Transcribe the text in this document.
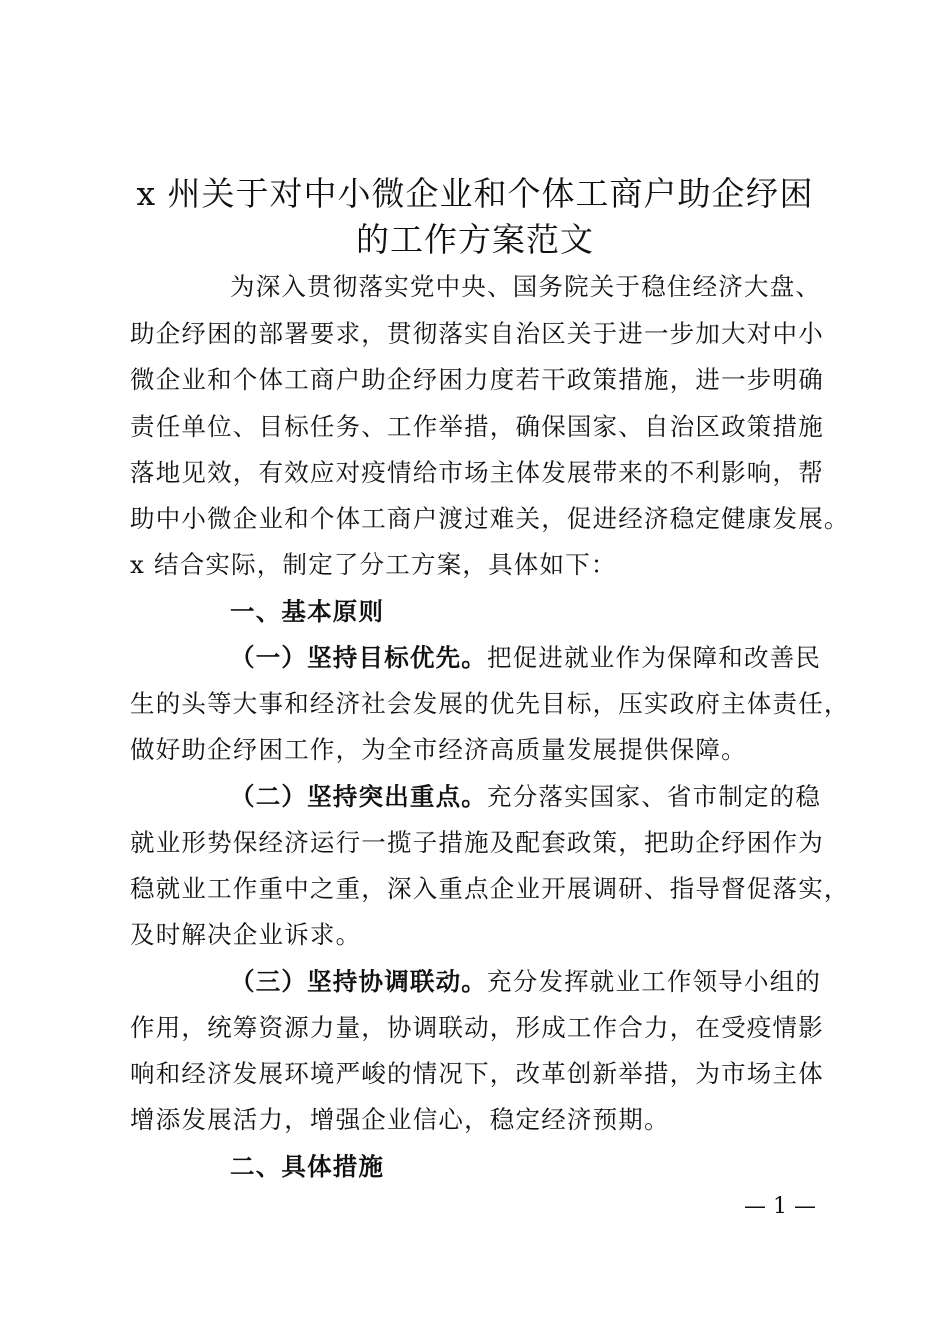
x 州关于对中小微企业和个体工商户助企纾困
的工作方案范文
为深入贯彻落实党中央、国务院关于稳住经济大盘、
助企纾困的部署要求，贯彻落实自治区关于进一步加大对中小
微企业和个体工商户助企纾困力度若干政策措施，进一步明确
责任单位、目标任务、工作举措，确保国家、自治区政策措施
落地见效，有效应对疫情给市场主体发展带来的不利影响，帮
助中小微企业和个体工商户渡过难关，促进经济稳定健康发展。
x 结合实际，制定了分工方案，具体如下：
一、基本原则
（一）坚持目标优先。把促进就业作为保障和改善民
生的头等大事和经济社会发展的优先目标，压实政府主体责任，
做好助企纾困工作，为全市经济高质量发展提供保障。
（二）坚持突出重点。充分落实国家、省市制定的稳
就业形势保经济运行一揽子措施及配套政策，把助企纾困作为
稳就业工作重中之重，深入重点企业开展调研、指导督促落实，
及时解决企业诉求。
（三）坚持协调联动。充分发挥就业工作领导小组的
作用，统筹资源力量，协调联动，形成工作合力，在受疫情影
响和经济发展环境严峻的情况下，改革创新举措，为市场主体
增添发展活力，增强企业信心，稳定经济预期。
二、具体措施
— 1 —
